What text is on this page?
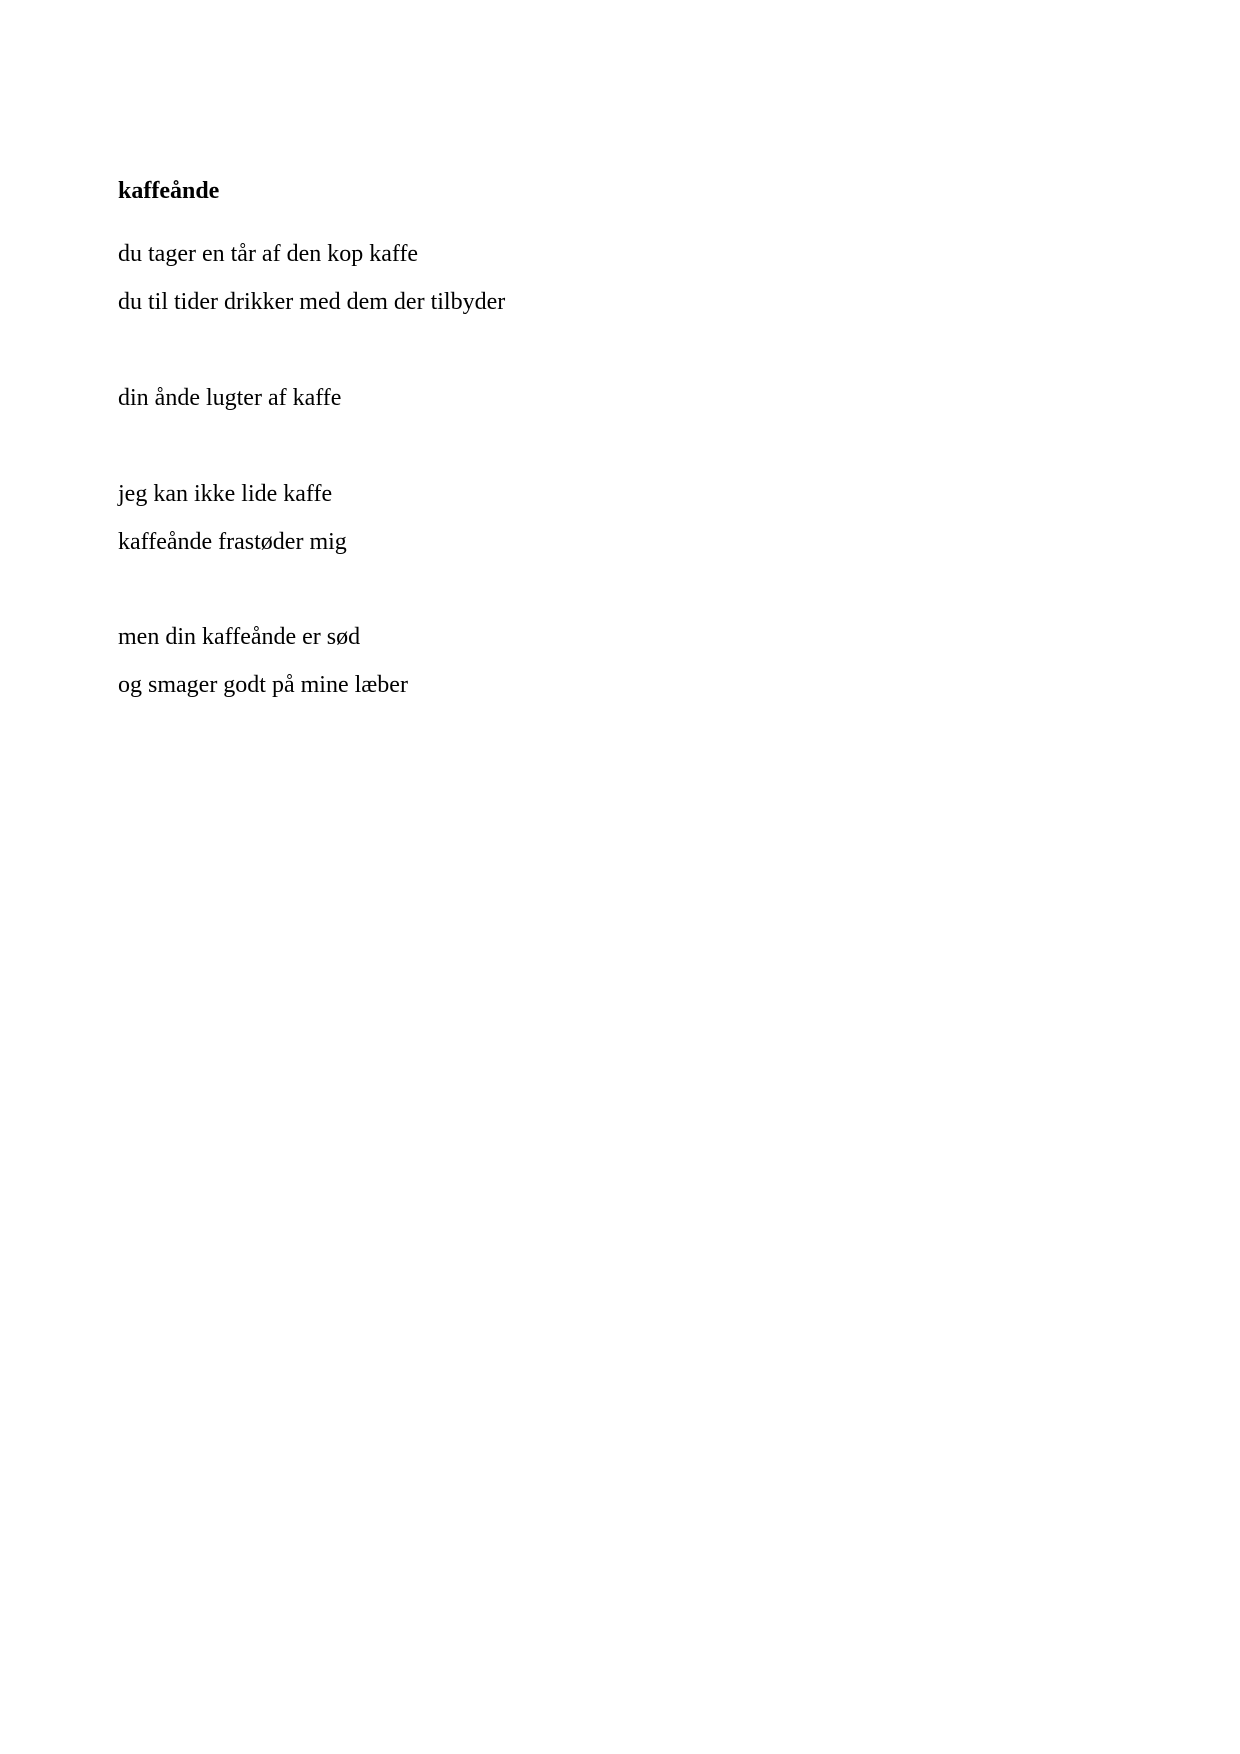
kaffeånde

du tager en tår af den kop kaffe

du til tider drikker med dem der tilbyder

din ånde lugter af kaffe

jeg kan ikke lide kaffe

kaffeånde frastøder mig

men din kaffeånde er sød

og smager godt på mine læber
